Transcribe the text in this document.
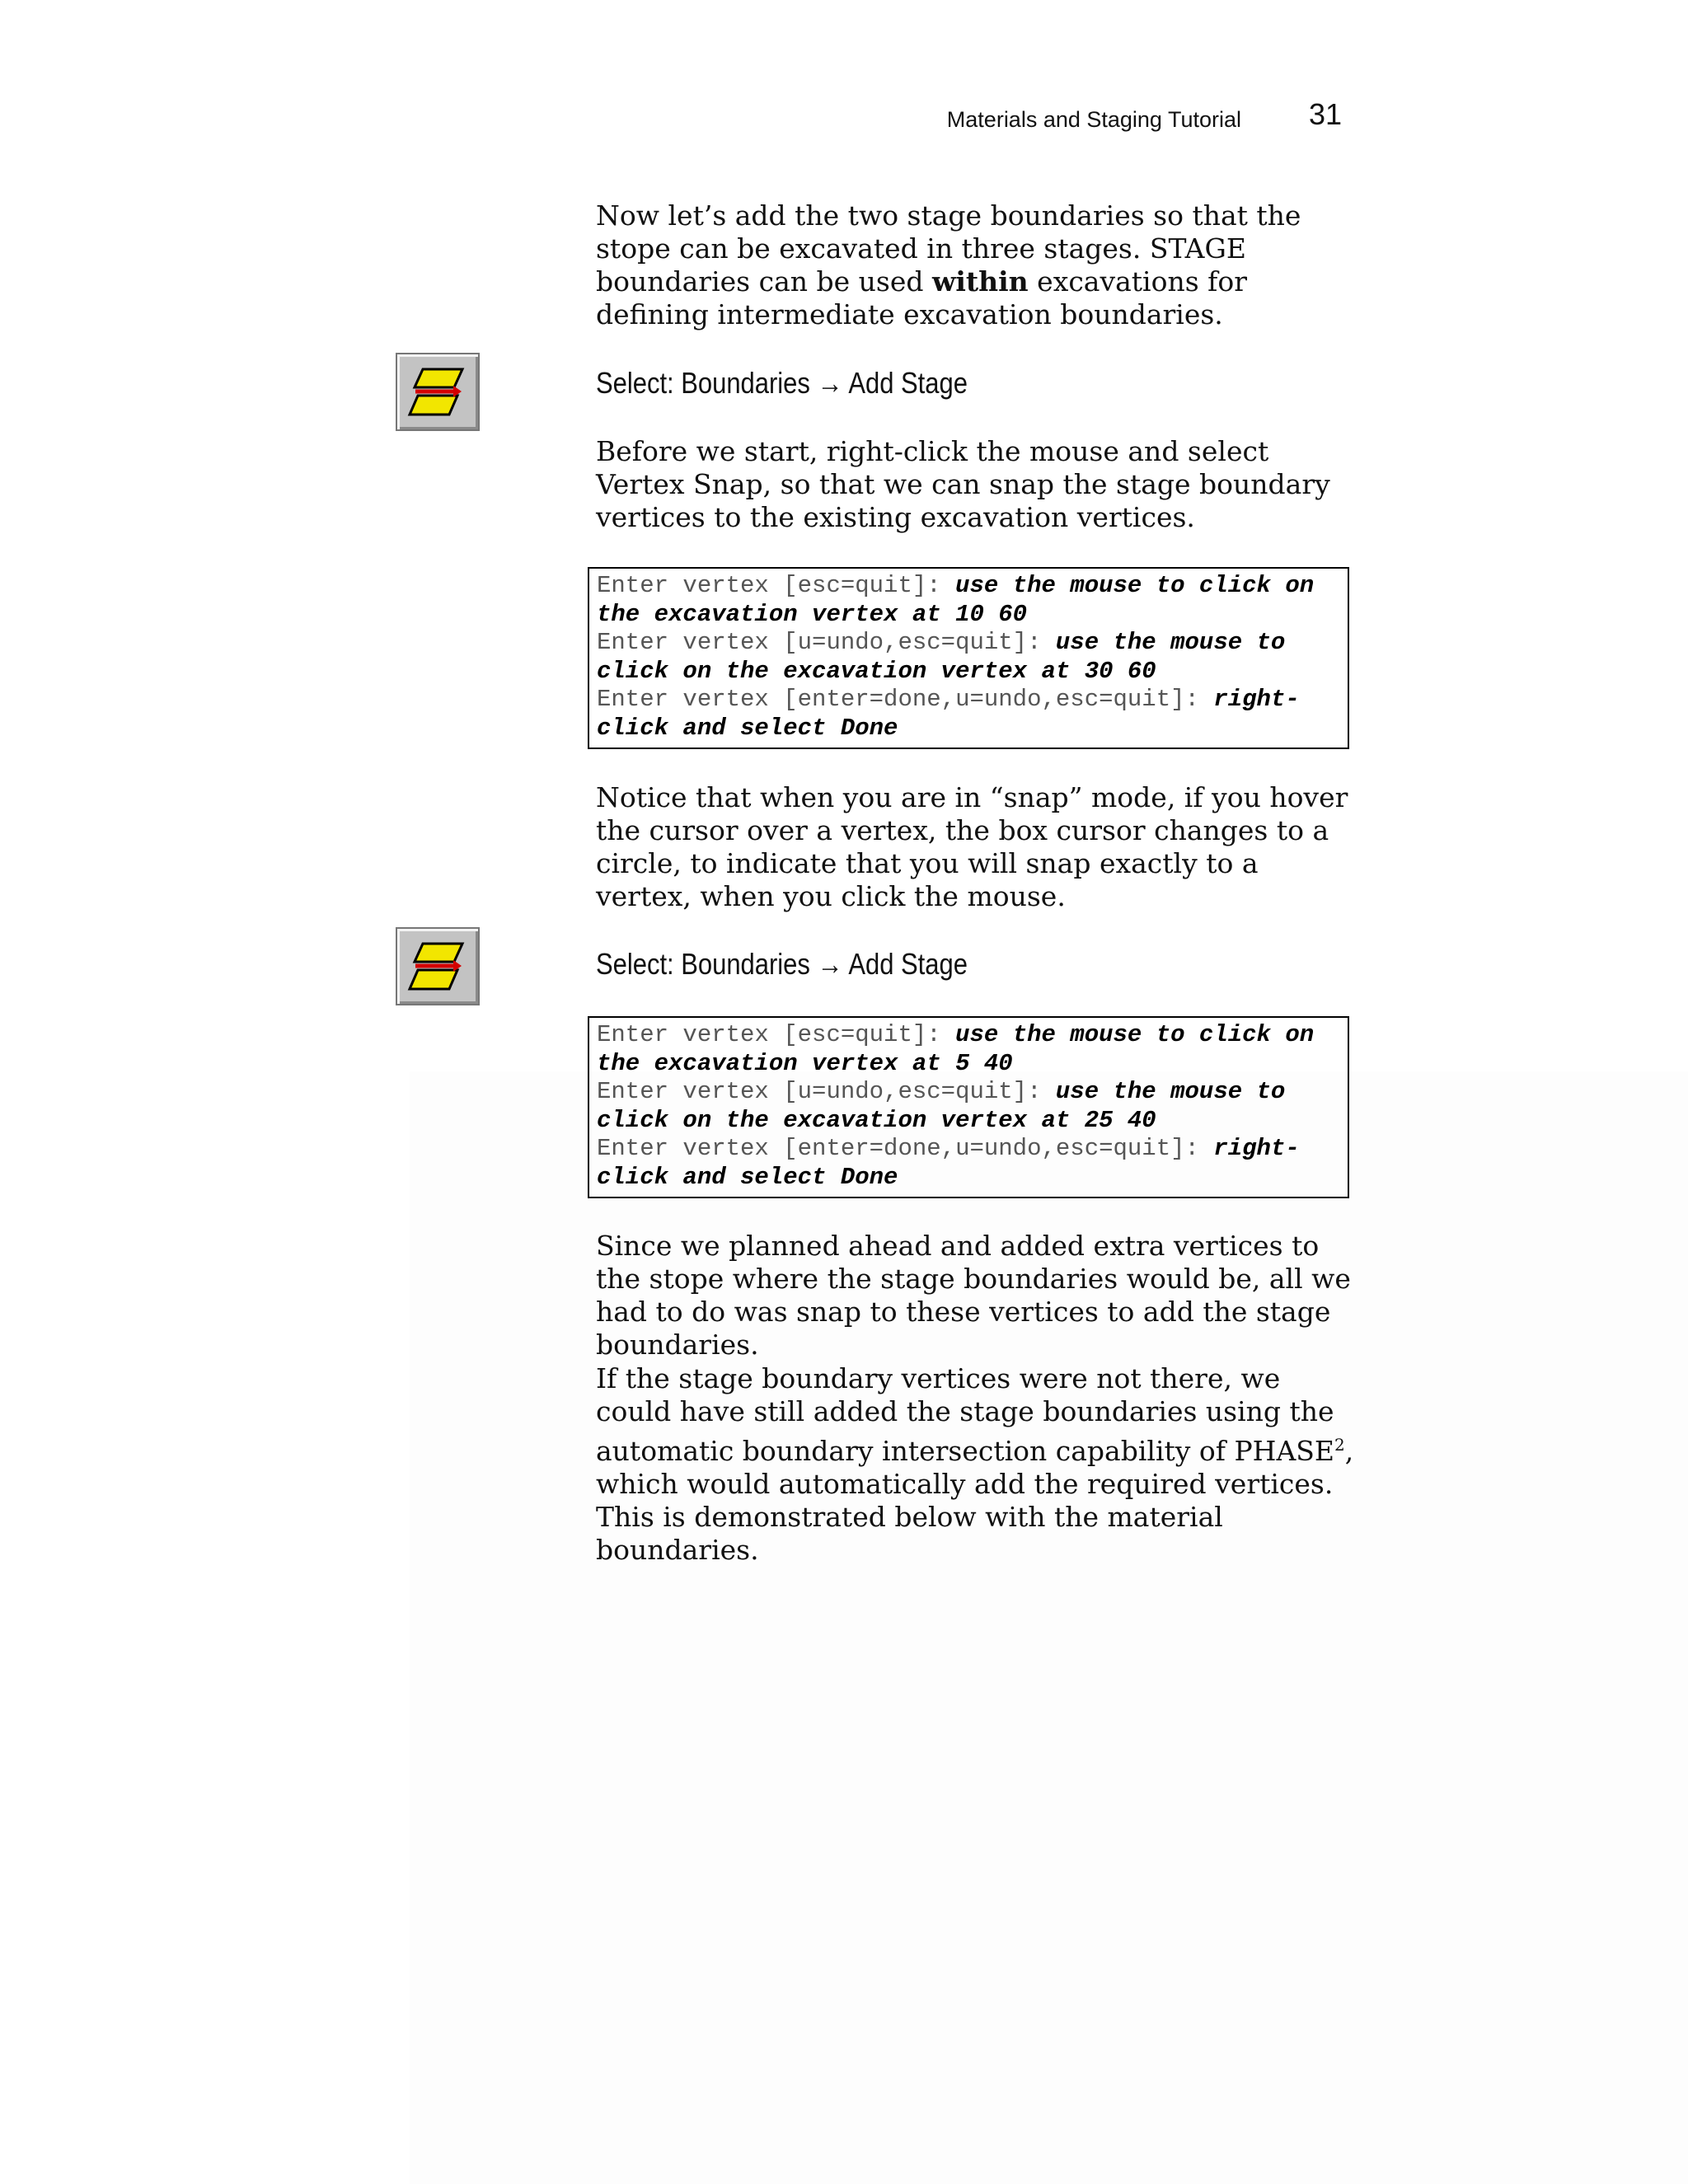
Materials and Staging Tutorial 31

Now let’s add the two stage boundaries so that the stope can be excavated in three stages. STAGE boundaries can be used within excavations for defining intermediate excavation boundaries.

Select: Boundaries → Add Stage

Before we start, right-click the mouse and select Vertex Snap, so that we can snap the stage boundary vertices to the existing excavation vertices.

Enter vertex [esc=quit]: use the mouse to click on
the excavation vertex at 10 60
Enter vertex [u=undo,esc=quit]: use the mouse to
click on the excavation vertex at 30 60
Enter vertex [enter=done,u=undo,esc=quit]: right-
click and select Done

Notice that when you are in “snap” mode, if you hover the cursor over a vertex, the box cursor changes to a circle, to indicate that you will snap exactly to a vertex, when you click the mouse.

Select: Boundaries → Add Stage
Enter vertex [esc=quit]: use the mouse to click on
the excavation vertex at 5 40
Enter vertex [u=undo,esc=quit]: use the mouse to
click on the excavation vertex at 25 40
Enter vertex [enter=done,u=undo,esc=quit]: right-
click and select Done

Since we planned ahead and added extra vertices to the stope where the stage boundaries would be, all we had to do was snap to these vertices to add the stage boundaries.

If the stage boundary vertices were not there, we could have still added the stage boundaries using the automatic boundary intersection capability of PHASE$^2$, which would automatically add the required vertices. This is demonstrated below with the material boundaries.
